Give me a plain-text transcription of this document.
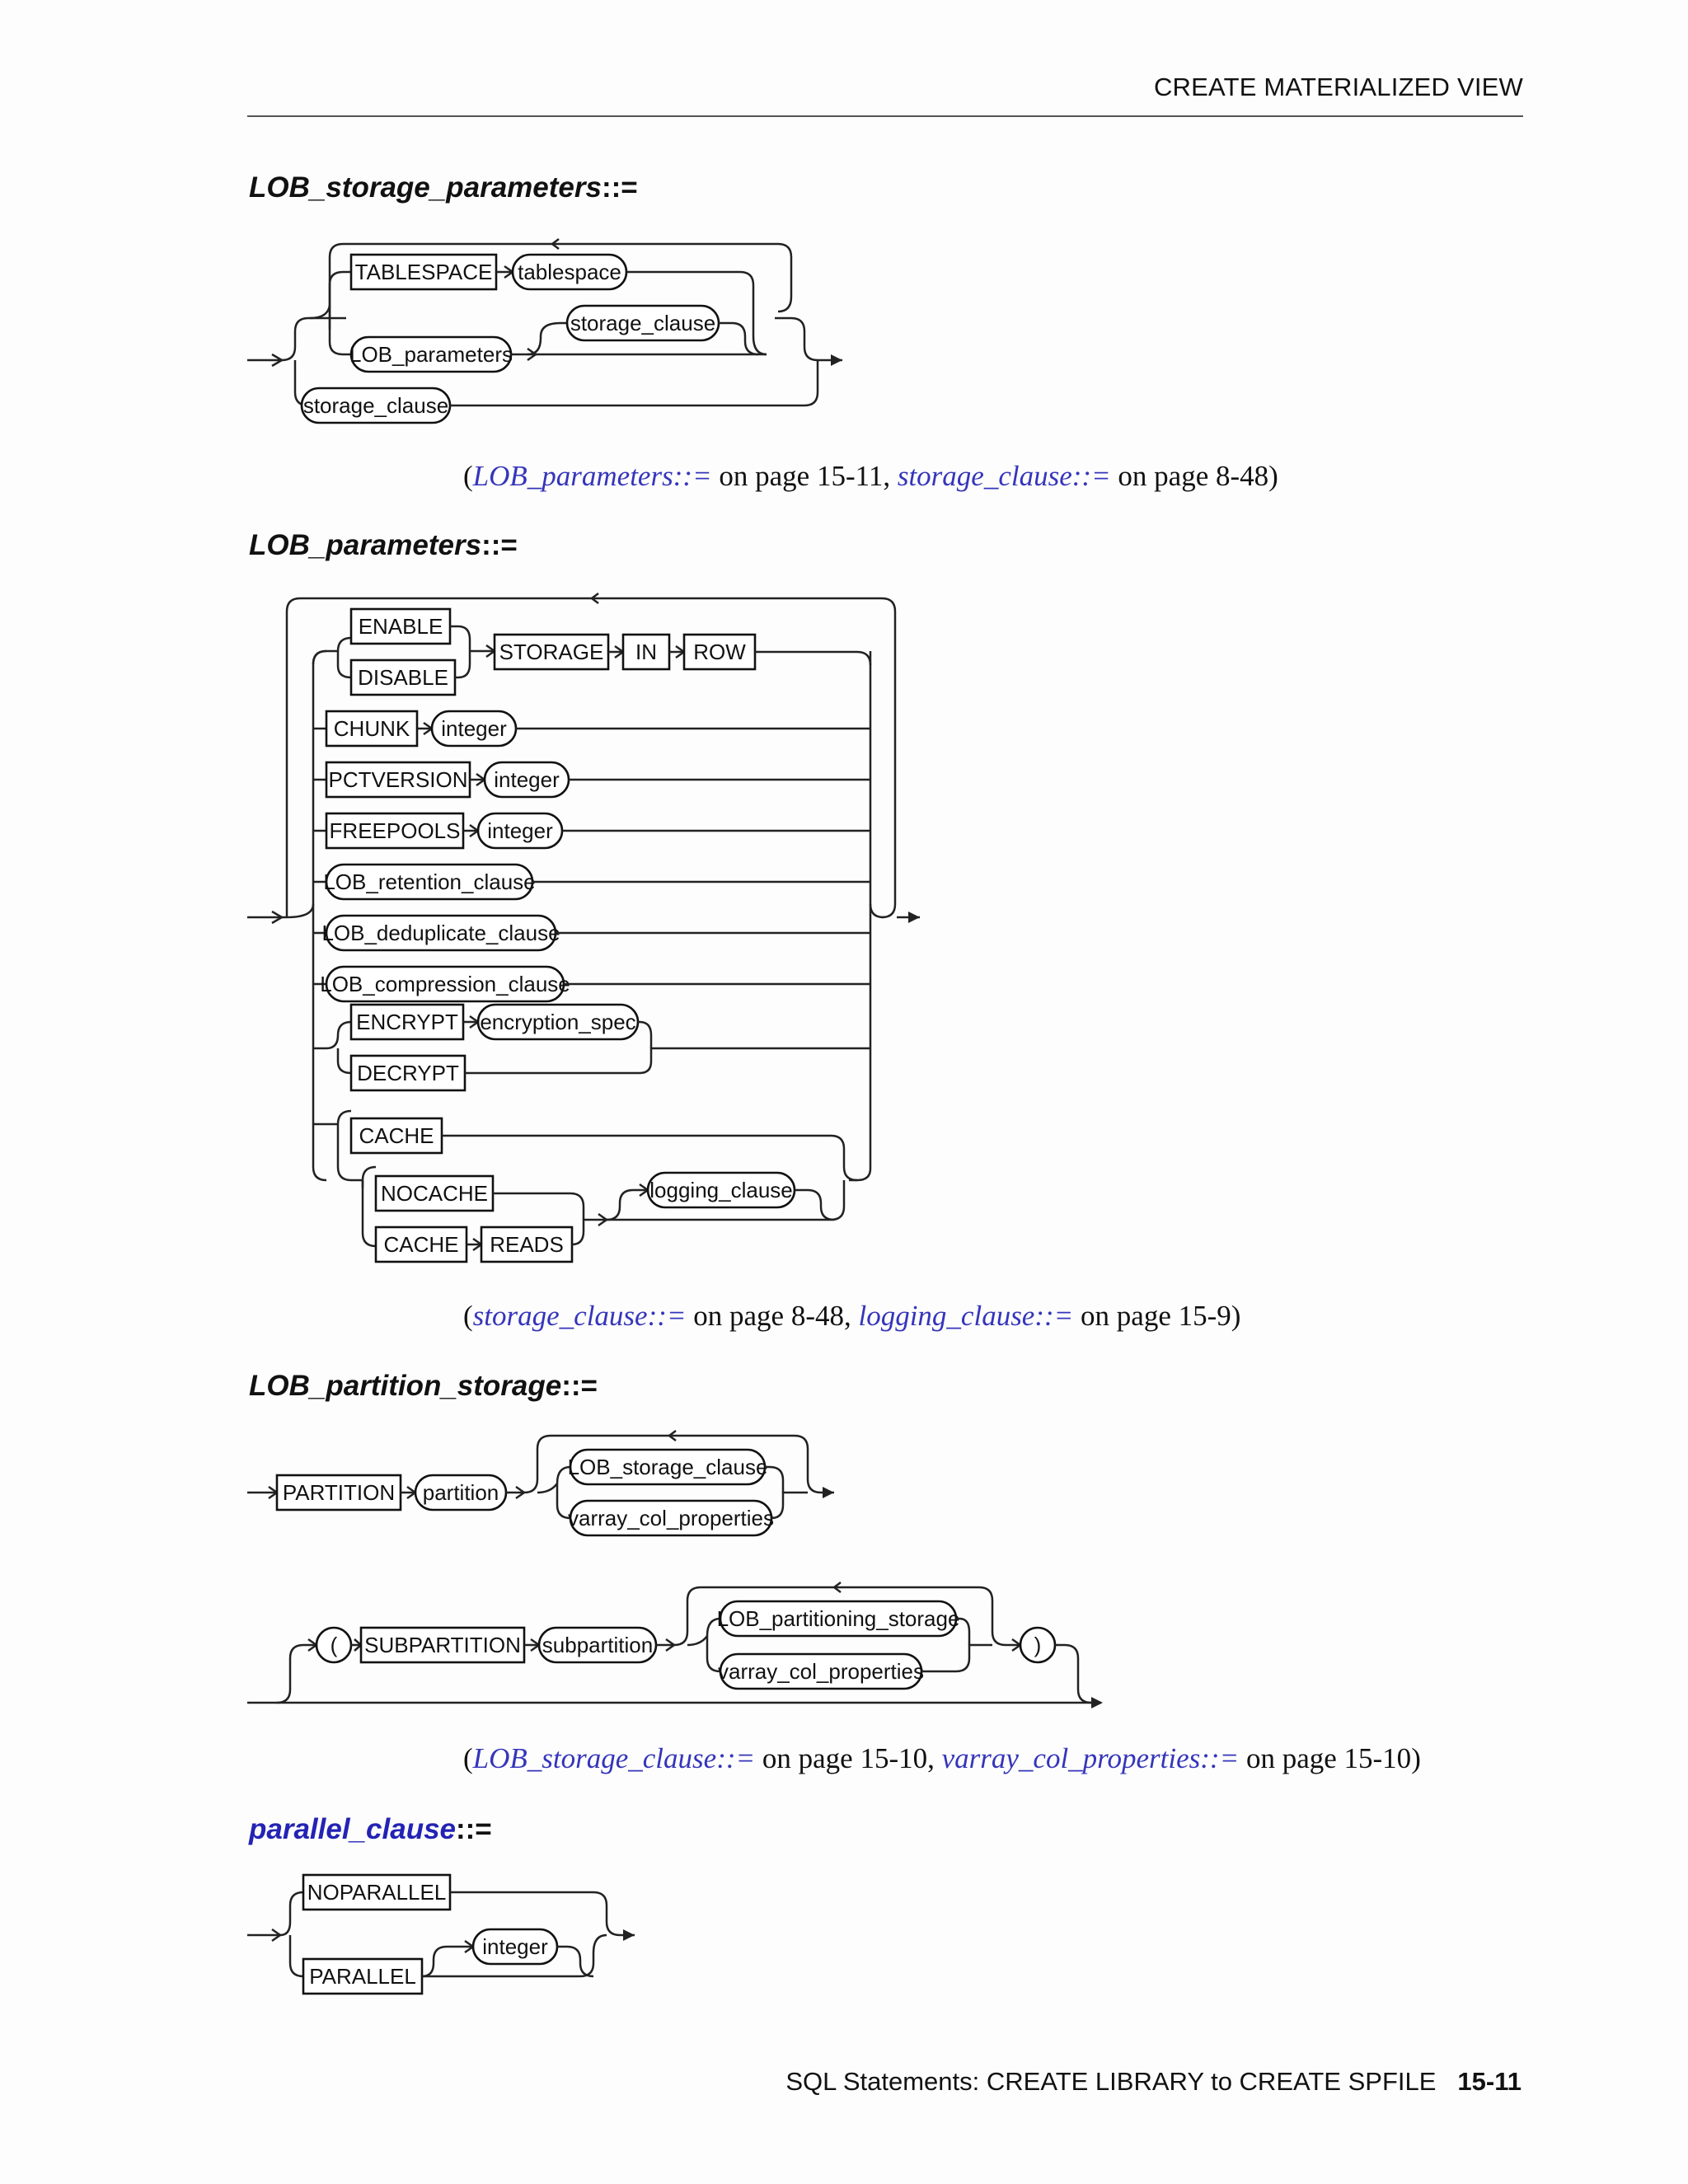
CREATE MATERIALIZED VIEW
LOB_storage_parameters::=
TABLESPACE tablespace
LOB_parameters
storage_clause
storage_clause
(LOB_parameters::= on page 15-11, storage_clause::= on page 8-48)
LOB_parameters::=
ENABLE
DISABLE
STORAGE IN ROW
CHUNK integer
PCTVERSION integer
FREEPOOLS integer
LOB_retention_clause
LOB_deduplicate_clause
LOB_compression_clause
ENCRYPT encryption_spec
DECRYPT
CACHE
NOCACHE
CACHE READS
logging_clause
(storage_clause::= on page 8-48, logging_clause::= on page 15-9)
LOB_partition_storage::=
PARTITION partition
LOB_storage_clause
varray_col_properties
( SUBPARTITION subpartition
LOB_partitioning_storage
varray_col_properties
)
(LOB_storage_clause::= on page 15-10, varray_col_properties::= on page 15-10)
parallel_clause::=
NOPARALLEL
PARALLEL
integer
SQL Statements: CREATE LIBRARY to CREATE SPFILE 15-11
